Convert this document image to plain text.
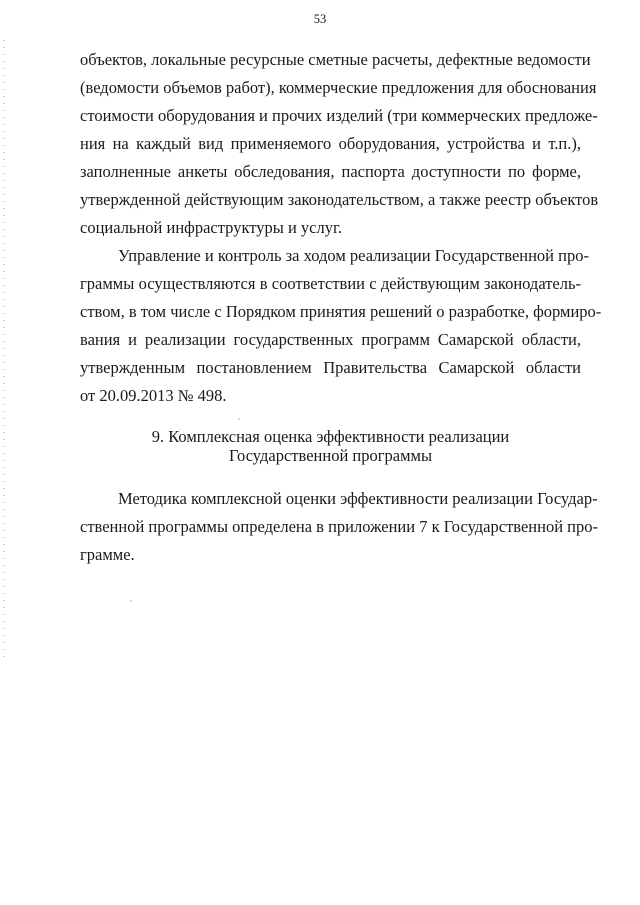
53
объектов, локальные ресурсные сметные расчеты, дефектные ведомости
(ведомости объемов работ), коммерческие предложения для обоснования
стоимости оборудования и прочих изделий (три коммерческих предложе-
ния на каждый вид применяемого оборудования, устройства и т.п.),
заполненные анкеты обследования, паспорта доступности по форме,
утвержденной действующим законодательством, а также реестр объектов
социальной инфраструктуры и услуг.
Управление и контроль за ходом реализации Государственной про-
граммы осуществляются в соответствии с действующим законодатель-
ством, в том числе с Порядком принятия решений о разработке, формиро-
вания и реализации государственных программ Самарской области,
утвержденным постановлением Правительства Самарской области
от 20.09.2013 № 498.
9. Комплексная оценка эффективности реализации
Государственной программы
Методика комплексной оценки эффективности реализации Государ-
ственной программы определена в приложении 7 к Государственной про-
грамме.
